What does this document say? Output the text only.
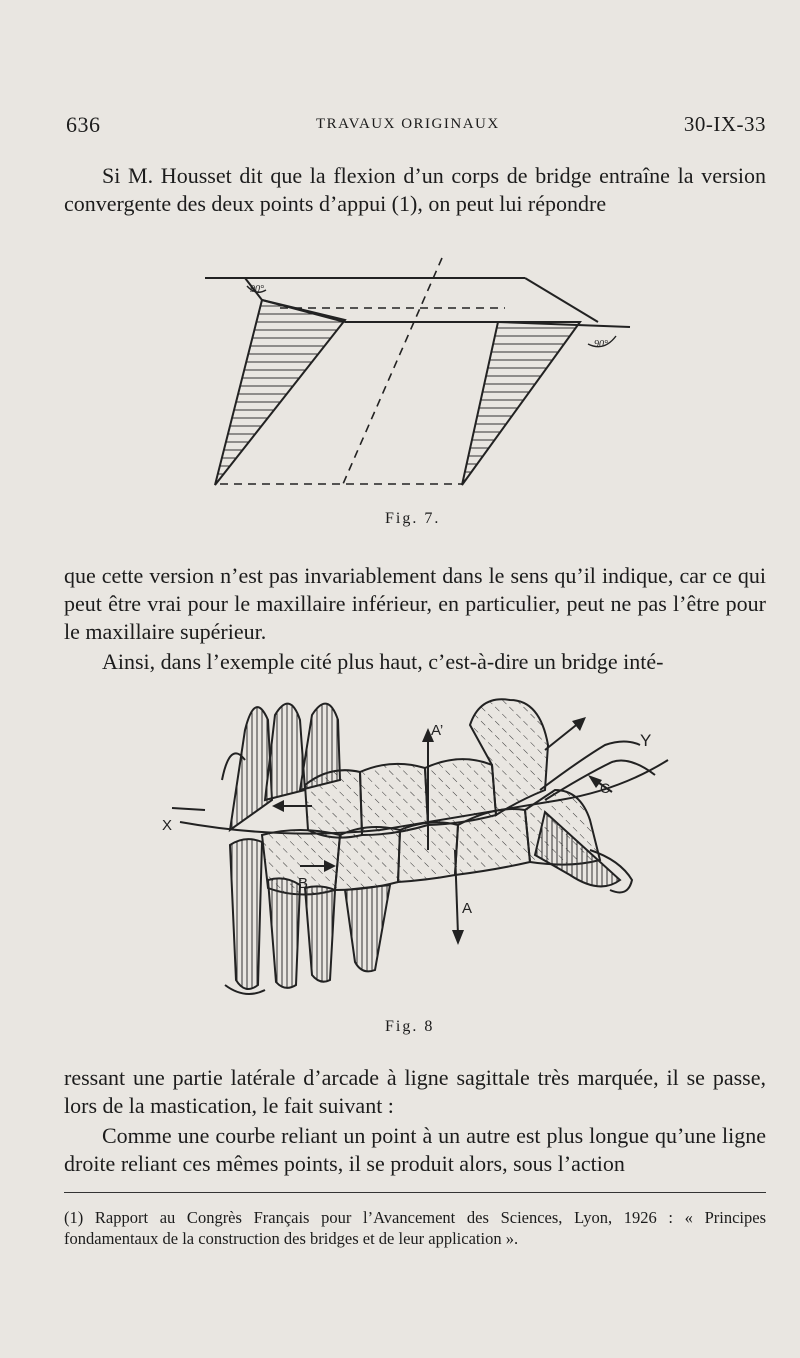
636	TRAVAUX ORIGINAUX	30-IX-33

Si M. Housset dit que la flexion d’un corps de bridge entraîne la version convergente des deux points d’appui (1), on peut lui répondre

90°
90°
Fig. 7.

que cette version n’est pas invariablement dans le sens qu’il indique, car ce qui peut être vrai pour le maxillaire inférieur, en particulier, peut ne pas l’être pour le maxillaire supérieur.

Ainsi, dans l’exemple cité plus haut, c’est-à-dire un bridge inté-

A’
A
B
C
X
Y
Fig. 8

ressant une partie latérale d’arcade à ligne sagittale très marquée, il se passe, lors de la mastication, le fait suivant :

Comme une courbe reliant un point à un autre est plus longue qu’une ligne droite reliant ces mêmes points, il se produit alors, sous l’action

(1) Rapport au Congrès Français pour l’Avancement des Sciences, Lyon, 1926 : « Principes fondamentaux de la construction des bridges et de leur application ».
